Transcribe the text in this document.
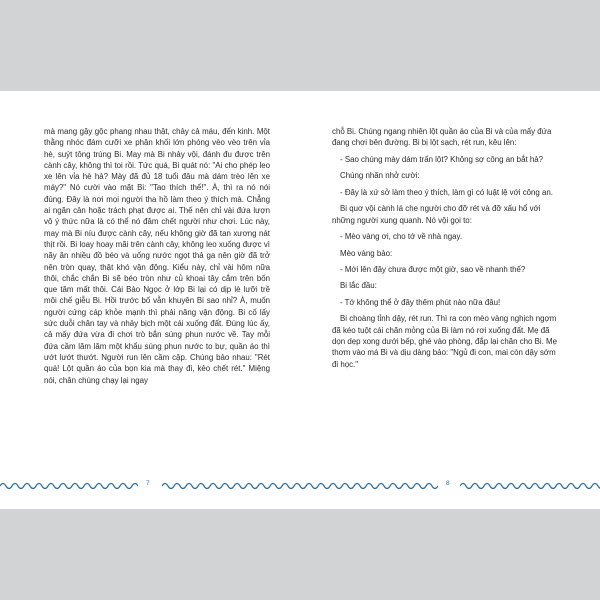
mà mang gậy gộc phang nhau thật, chảy cả máu, đến kinh. Một thằng nhóc đám cưỡi xe phân khối lớn phóng vèo vèo trên vỉa hè, suýt tông trúng Bi. May mà Bi nhảy vội, đánh đu được trên cành cây, không thì toi rồi. Tức quá, Bi quát nó: "Ai cho phép leo xe lên vỉa hè hả? Mày đã đủ 18 tuổi đâu mà dám trèo lên xe máy?" Nó cười vào mặt Bi: "Tao thích thế!". À, thì ra nó nói đúng. Đây là nơi mọi người tha hồ làm theo ý thích mà. Chẳng ai ngăn cản hoặc trách phạt được ai. Thế nên chỉ vài đứa lượn vô ý thức nữa là có thể nó đâm chết người như chơi. Lúc này, may mà Bi níu được cành cây, nếu không giờ đã tan xương nát thịt rồi. Bi loay hoay mãi trên cành cây, không leo xuống được vì nãy ăn nhiều đồ béo và uống nước ngọt thả ga nên giờ đã trở nên tròn quay, thật khó vận động. Kiểu này, chỉ vài hôm nữa thôi, chắc chắn Bi sẽ béo tròn như củ khoai tây cắm trên bốn que tăm mất thôi. Cái Bảo Ngọc ở lớp Bi lại có dịp lè lưỡi trề môi chế giễu Bi. Hồi trước bố vẫn khuyên Bi sao nhỉ? À, muốn người cứng cáp khỏe mạnh thì phải năng vận động. Bi cố lấy sức duỗi chân tay và nhảy bịch một cái xuống đất. Đúng lúc ấy, cả mấy đứa vừa đi chơi trò bắn súng phun nước về. Tay mỗi đứa cầm lăm lăm một khẩu súng phun nước to bự, quần áo thì ướt lướt thướt. Người run lên cầm cập. Chúng bảo nhau: "Rét quá! Lột quần áo của bọn kia mà thay đi, kẻo chết rét." Miệng nói, chân chúng chạy lại ngay

chỗ Bi. Chúng ngang nhiên lột quần áo của Bi và của mấy đứa đang chơi bên đường. Bi bị lột sạch, rét run, kêu lên:

- Sao chúng mày dám trấn lột? Không sợ công an bắt hả?

Chúng nhăn nhở cười:

- Đây là xứ sở làm theo ý thích, làm gì có luật lệ với công an.

Bi quơ vội cành lá che người cho đỡ rét và đỡ xấu hổ với những người xung quanh. Nó vội gọi to:

- Mèo vàng ơi, cho tớ về nhà ngay.

Mèo vàng bảo:

- Mới lên đây chưa được một giờ, sao về nhanh thế?

Bi lắc đầu:

- Tớ không thể ở đây thêm phút nào nữa đâu!

Bi choàng tỉnh dậy, rét run. Thì ra con mèo vàng nghịch ngợm đã kéo tuột cái chăn mỏng của Bi làm nó rơi xuống đất. Mẹ đã dọn dẹp xong dưới bếp, ghé vào phòng, đắp lại chăn cho Bi. Mẹ thơm vào má Bi và dịu dàng bảo: "Ngủ đi con, mai còn dậy sớm đi học."

7	8
